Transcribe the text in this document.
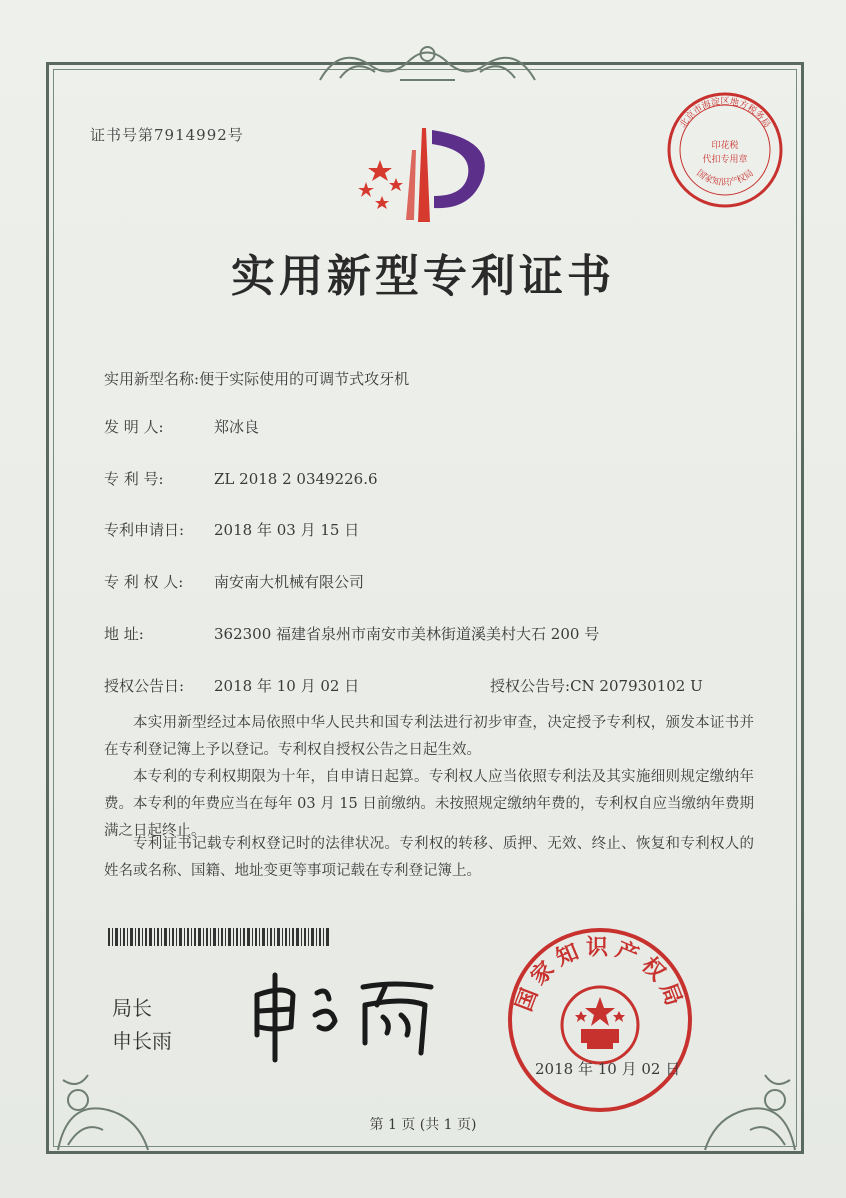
证书号第7914992号
北京市海淀区地方税务局
印花税
代扣专用章
国家知识产权局
实用新型专利证书
实用新型名称:便于实际使用的可调节式攻牙机
发 明 人:	郑冰良
专 利 号:	ZL 2018 2 0349226.6
专利申请日: 2018 年 03 月 15 日
专 利 权 人: 南安南大机械有限公司
地 址:	362300 福建省泉州市南安市美林街道溪美村大石 200 号
授权公告日: 2018 年 10 月 02 日	授权公告号:CN 207930102 U
本实用新型经过本局依照中华人民共和国专利法进行初步审查，决定授予专利权，颁发本证书并在专利登记簿上予以登记。专利权自授权公告之日起生效。
本专利的专利权期限为十年，自申请日起算。专利权人应当依照专利法及其实施细则规定缴纳年费。本专利的年费应当在每年 03 月 15 日前缴纳。未按照规定缴纳年费的，专利权自应当缴纳年费期满之日起终止。
专利证书记载专利权登记时的法律状况。专利权的转移、质押、无效、终止、恢复和专利权人的姓名或名称、国籍、地址变更等事项记载在专利登记簿上。
局长
申长雨
国家知识产权局
2018 年 10 月 02 日
第 1 页 (共 1 页)
